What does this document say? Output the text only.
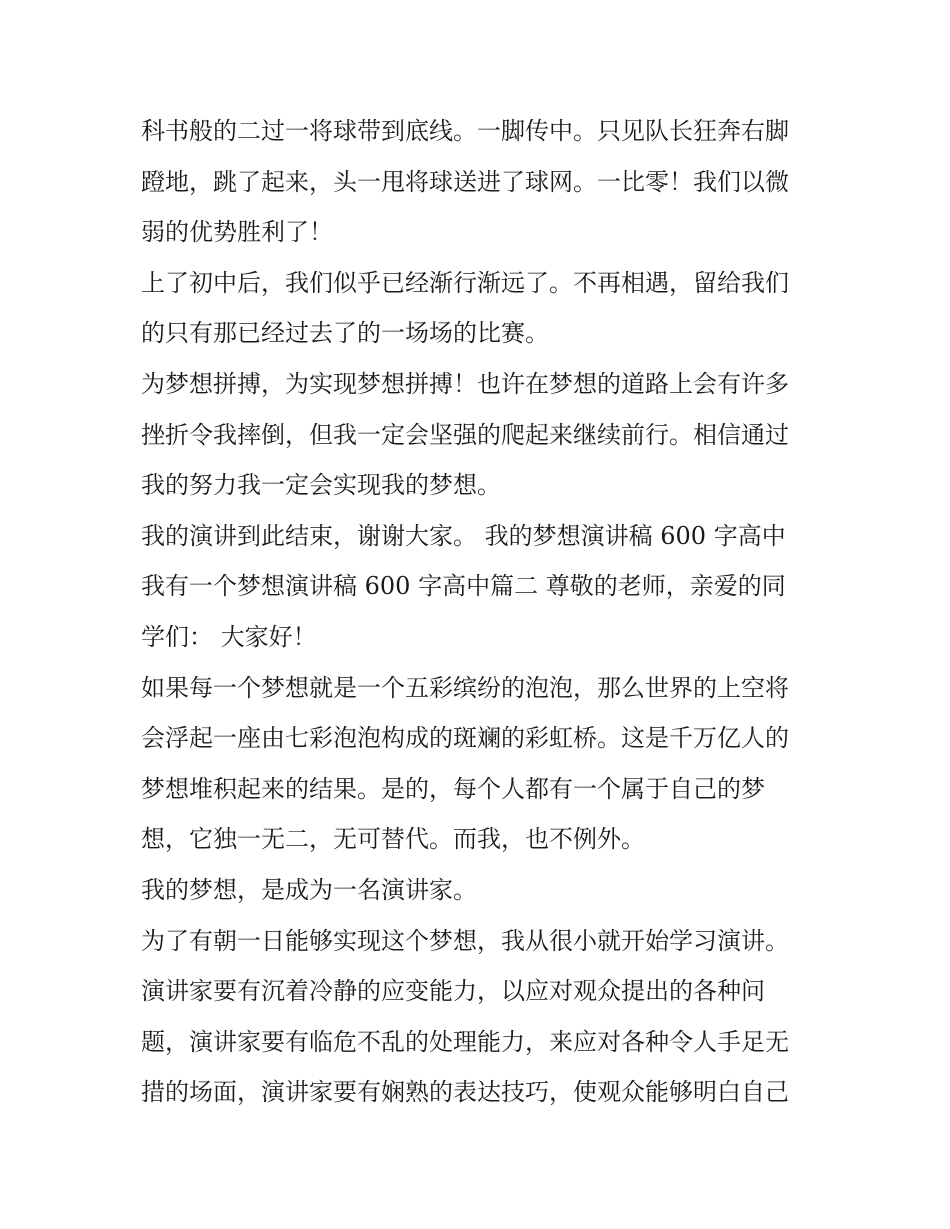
科书般的二过一将球带到底线。一脚传中。只见队长狂奔右脚
蹬地，跳了起来，头一甩将球送进了球网。一比零！我们以微
弱的优势胜利了！
上了初中后，我们似乎已经渐行渐远了。不再相遇，留给我们
的只有那已经过去了的一场场的比赛。
为梦想拼搏，为实现梦想拼搏！也许在梦想的道路上会有许多
挫折令我摔倒，但我一定会坚强的爬起来继续前行。相信通过
我的努力我一定会实现我的梦想。
我的演讲到此结束，谢谢大家。 我的梦想演讲稿 600 字高中
我有一个梦想演讲稿 600 字高中篇二 尊敬的老师，亲爱的同
学们： 大家好！
如果每一个梦想就是一个五彩缤纷的泡泡，那么世界的上空将
会浮起一座由七彩泡泡构成的斑斓的彩虹桥。这是千万亿人的
梦想堆积起来的结果。是的，每个人都有一个属于自己的梦
想，它独一无二，无可替代。而我，也不例外。
我的梦想，是成为一名演讲家。
为了有朝一日能够实现这个梦想，我从很小就开始学习演讲。
演讲家要有沉着冷静的应变能力，以应对观众提出的各种问
题，演讲家要有临危不乱的处理能力，来应对各种令人手足无
措的场面，演讲家要有娴熟的表达技巧，使观众能够明白自己
